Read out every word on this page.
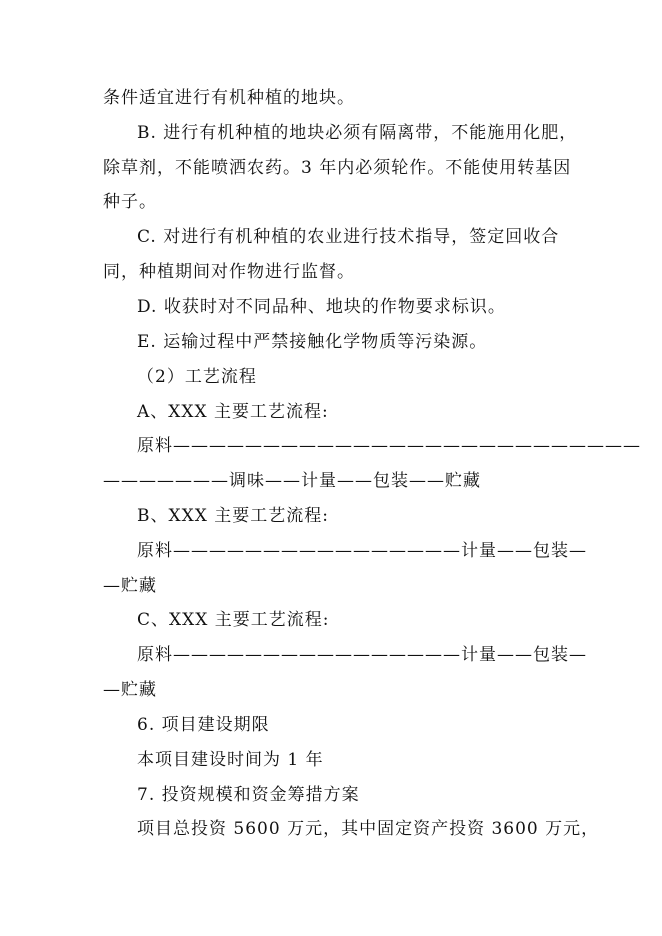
条件适宜进行有机种植的地块。
B. 进行有机种植的地块必须有隔离带，不能施用化肥，
除草剂，不能喷洒农药。3 年内必须轮作。不能使用转基因
种子。
C. 对进行有机种植的农业进行技术指导，签定回收合
同，种植期间对作物进行监督。
D. 收获时对不同品种、地块的作物要求标识。
E. 运输过程中严禁接触化学物质等污染源。
（2）工艺流程
A、XXX 主要工艺流程:
原料——————————————————————————
———————调味——计量——包装——贮藏
B、XXX 主要工艺流程:
原料————————————————计量——包装—
—贮藏
C、XXX 主要工艺流程:
原料————————————————计量——包装—
—贮藏
6. 项目建设期限
本项目建设时间为 1 年
7. 投资规模和资金筹措方案
项目总投资 5600 万元，其中固定资产投资 3600 万元，
